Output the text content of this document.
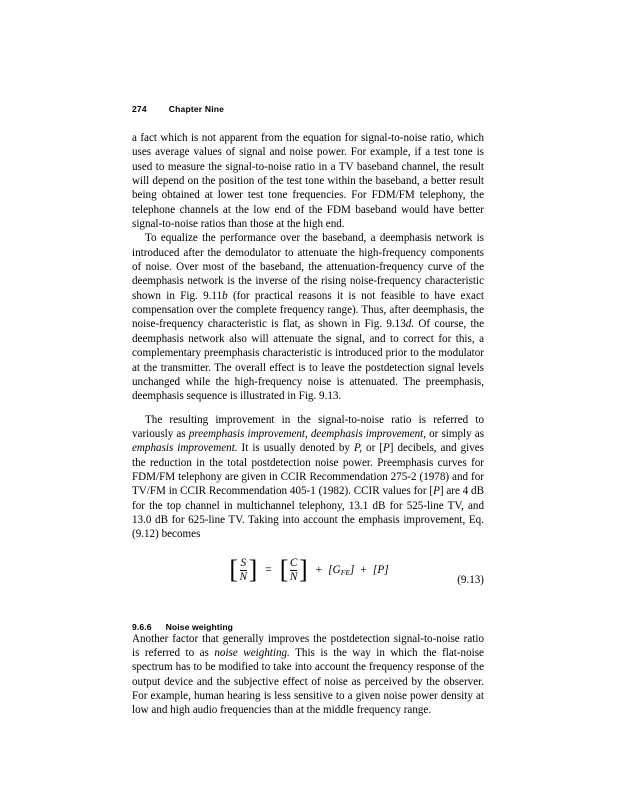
274	Chapter Nine

a fact which is not apparent from the equation for signal-to-noise ratio, which uses average values of signal and noise power. For example, if a test tone is used to measure the signal-to-noise ratio in a TV baseband channel, the result will depend on the position of the test tone within the baseband, a better result being obtained at lower test tone frequencies. For FDM/FM telephony, the telephone channels at the low end of the FDM baseband would have better signal-to-noise ratios than those at the high end.

To equalize the performance over the baseband, a deemphasis network is introduced after the demodulator to attenuate the high-frequency components of noise. Over most of the baseband, the attenuation-frequency curve of the deemphasis network is the inverse of the rising noise-frequency characteristic shown in Fig. 9.11b (for practical reasons it is not feasible to have exact compensation over the complete frequency range). Thus, after deemphasis, the noise-frequency characteristic is flat, as shown in Fig. 9.13d. Of course, the deemphasis network also will attenuate the signal, and to correct for this, a complementary preemphasis characteristic is introduced prior to the modulator at the transmitter. The overall effect is to leave the postdetection signal levels unchanged while the high-frequency noise is attenuated. The preemphasis, deemphasis sequence is illustrated in Fig. 9.13.

The resulting improvement in the signal-to-noise ratio is referred to variously as preemphasis improvement, deemphasis improvement, or simply as emphasis improvement. It is usually denoted by P, or [P] decibels, and gives the reduction in the total postdetection noise power. Preemphasis curves for FDM/FM telephony are given in CCIR Recommendation 275-2 (1978) and for TV/FM in CCIR Recommendation 405-1 (1982). CCIR values for [P] are 4 dB for the top channel in multichannel telephony, 13.1 dB for 525-line TV, and 13.0 dB for 625-line TV. Taking into account the emphasis improvement, Eq. (9.12) becomes

[ $\frac{S}{N}$ ] = [ $\frac{C}{N}$ ] + $[G_{FE}] + [P]$
(9.13)
9.6.6 Noise weighting

Another factor that generally improves the postdetection signal-to-noise ratio is referred to as noise weighting. This is the way in which the flat-noise spectrum has to be modified to take into account the frequency response of the output device and the subjective effect of noise as perceived by the observer. For example, human hearing is less sensitive to a given noise power density at low and high audio frequencies than at the middle frequency range.
